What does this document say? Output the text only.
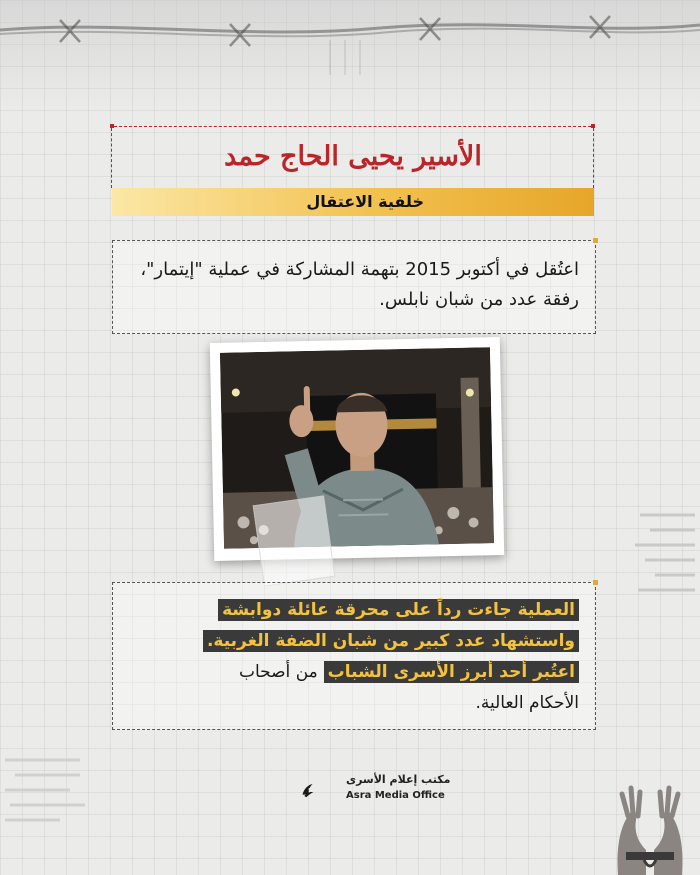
الأسير يحيى الحاج حمد
خلفية الاعتقال
اعتُقل في أكتوبر 2015 بتهمة المشاركة في عملية "إيتمار"، رفقة عدد من شبان نابلس.
العملية جاءت رداً على محرقة عائلة دوابشة
واستشهاد عدد كبير من شبان الضفة الغربية.
اعتُبر أحد أبرز الأسرى الشباب من أصحاب
الأحكام العالية.
مكتب إعلام الأسرى
Asra Media Office
